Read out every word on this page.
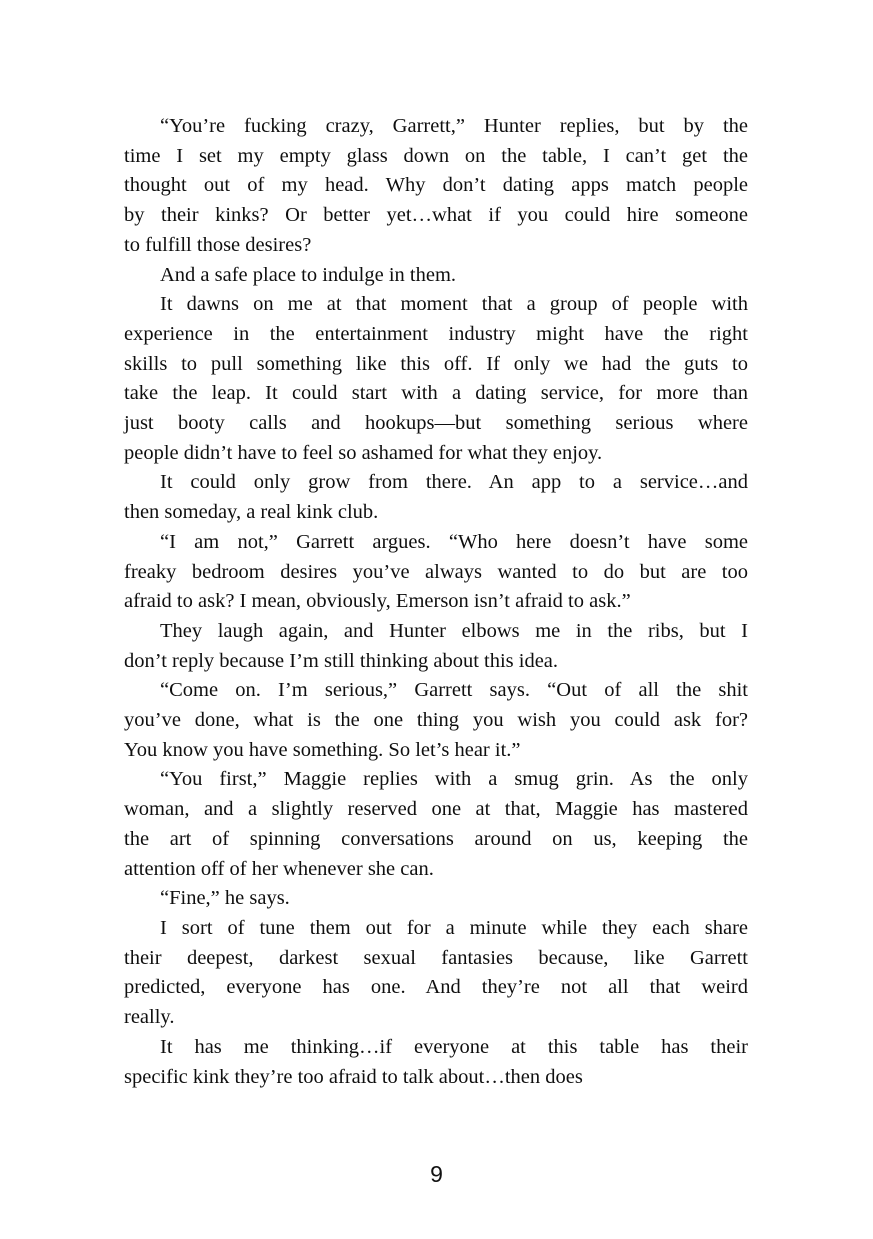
“You’re fucking crazy, Garrett,” Hunter replies, but by the
time I set my empty glass down on the table, I can’t get the
thought out of my head. Why don’t dating apps match people
by their kinks? Or better yet…what if you could hire someone
to fulfill those desires?
And a safe place to indulge in them.
It dawns on me at that moment that a group of people with
experience in the entertainment industry might have the right
skills to pull something like this off. If only we had the guts to
take the leap. It could start with a dating service, for more than
just booty calls and hookups—but something serious where
people didn’t have to feel so ashamed for what they enjoy.
It could only grow from there. An app to a service…and
then someday, a real kink club.
“I am not,” Garrett argues. “Who here doesn’t have some
freaky bedroom desires you’ve always wanted to do but are too
afraid to ask? I mean, obviously, Emerson isn’t afraid to ask.”
They laugh again, and Hunter elbows me in the ribs, but I
don’t reply because I’m still thinking about this idea.
“Come on. I’m serious,” Garrett says. “Out of all the shit
you’ve done, what is the one thing you wish you could ask for?
You know you have something. So let’s hear it.”
“You first,” Maggie replies with a smug grin. As the only
woman, and a slightly reserved one at that, Maggie has mastered
the art of spinning conversations around on us, keeping the
attention off of her whenever she can.
“Fine,” he says.
I sort of tune them out for a minute while they each share
their deepest, darkest sexual fantasies because, like Garrett
predicted, everyone has one. And they’re not all that weird
really.
It has me thinking…if everyone at this table has their
specific kink they’re too afraid to talk about…then does
9
